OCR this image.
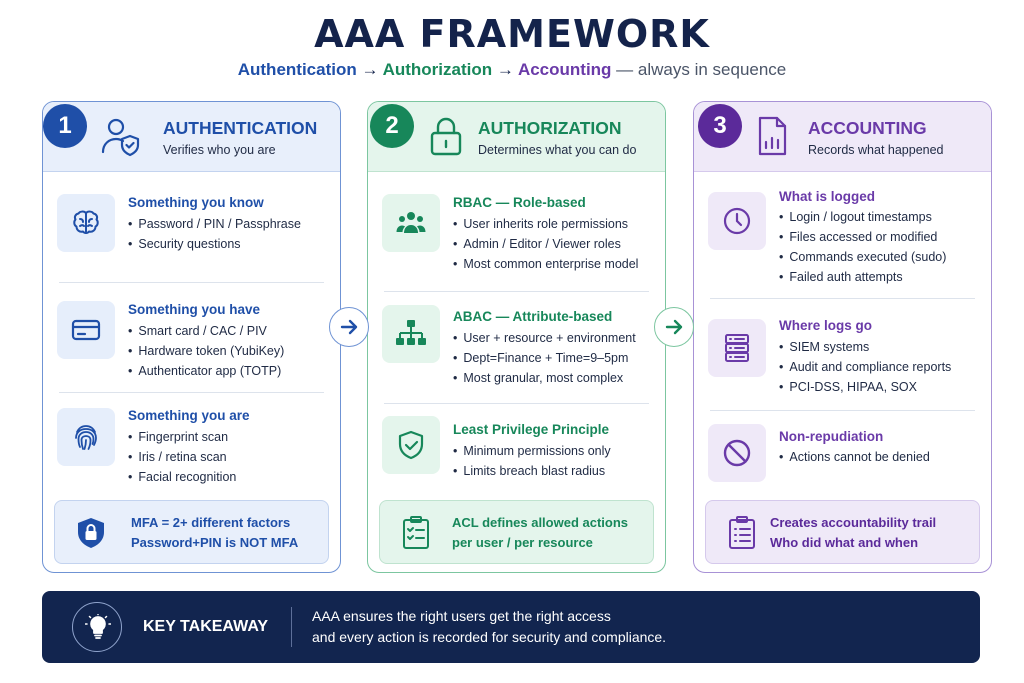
AAA FRAMEWORK
Authentication → Authorization → Accounting — always in sequence
AUTHENTICATION
Verifies who you are
Something you know
• Password / PIN / Passphrase
• Security questions
Something you have
• Smart card / CAC / PIV
• Hardware token (YubiKey)
• Authenticator app (TOTP)
Something you are
• Fingerprint scan
• Iris / retina scan
• Facial recognition
MFA = 2+ different factors
Password+PIN is NOT MFA
AUTHORIZATION
Determines what you can do
RBAC — Role-based
• User inherits role permissions
• Admin / Editor / Viewer roles
• Most common enterprise model
ABAC — Attribute-based
• User + resource + environment
• Dept=Finance + Time=9–5pm
• Most granular, most complex
Least Privilege Principle
• Minimum permissions only
• Limits breach blast radius
ACL defines allowed actions
per user / per resource
ACCOUNTING
Records what happened
What is logged
• Login / logout timestamps
• Files accessed or modified
• Commands executed (sudo)
• Failed auth attempts
Where logs go
• SIEM systems
• Audit and compliance reports
• PCI-DSS, HIPAA, SOX
Non-repudiation
• Actions cannot be denied
Creates accountability trail
Who did what and when
1	2	3
KEY TAKEAWAY
AAA ensures the right users get the right access
and every action is recorded for security and compliance.
